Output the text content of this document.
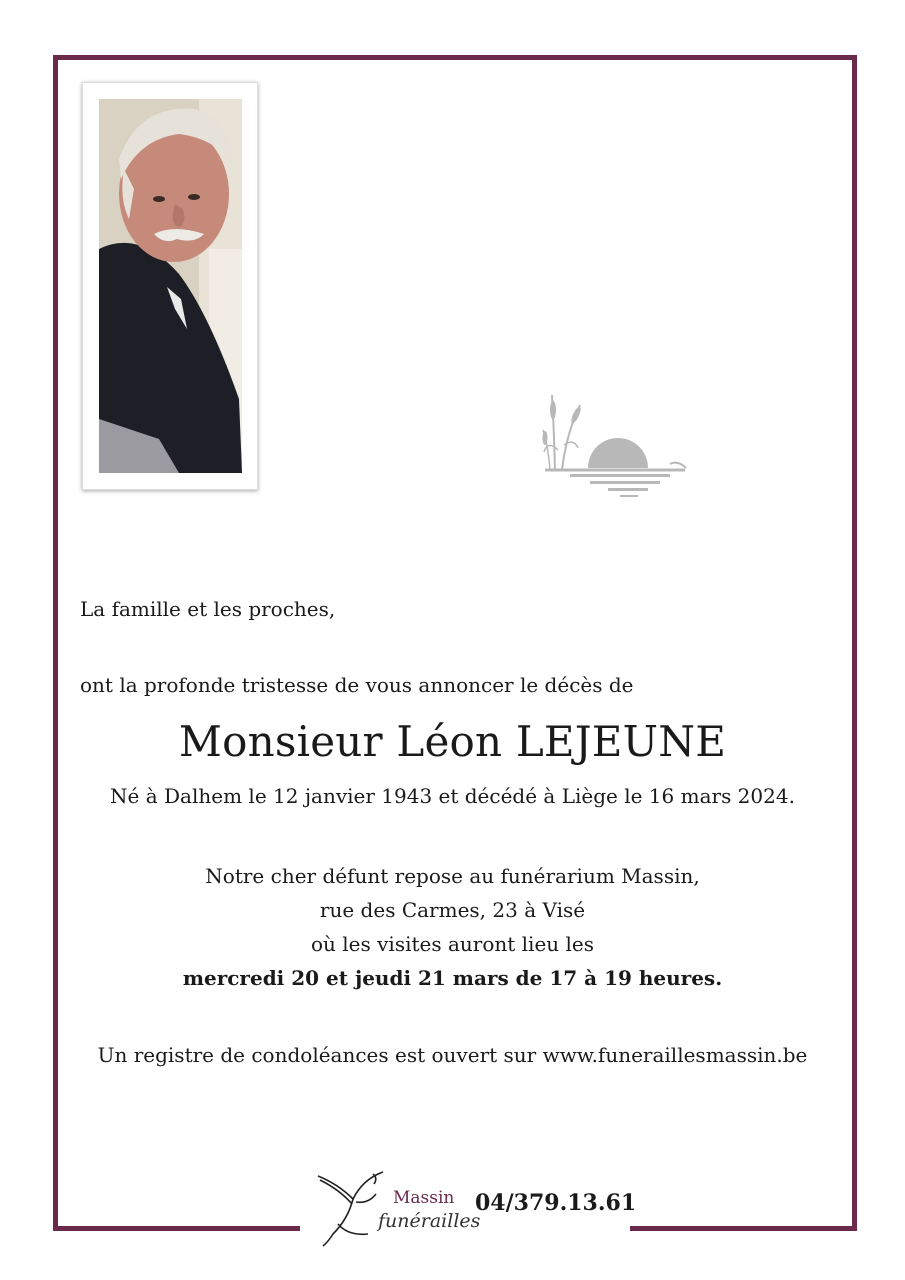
La famille et les proches,
ont la profonde tristesse de vous annoncer le décès de
Monsieur Léon LEJEUNE
Né à Dalhem le 12 janvier 1943 et décédé à Liège le 16 mars 2024.
Notre cher défunt repose au funérarium Massin,
rue des Carmes, 23 à Visé
où les visites auront lieu les
mercredi 20 et jeudi 21 mars de 17 à 19 heures.
Un registre de condoléances est ouvert sur www.funeraillesmassin.be
Massin
funérailles
04/379.13.61
